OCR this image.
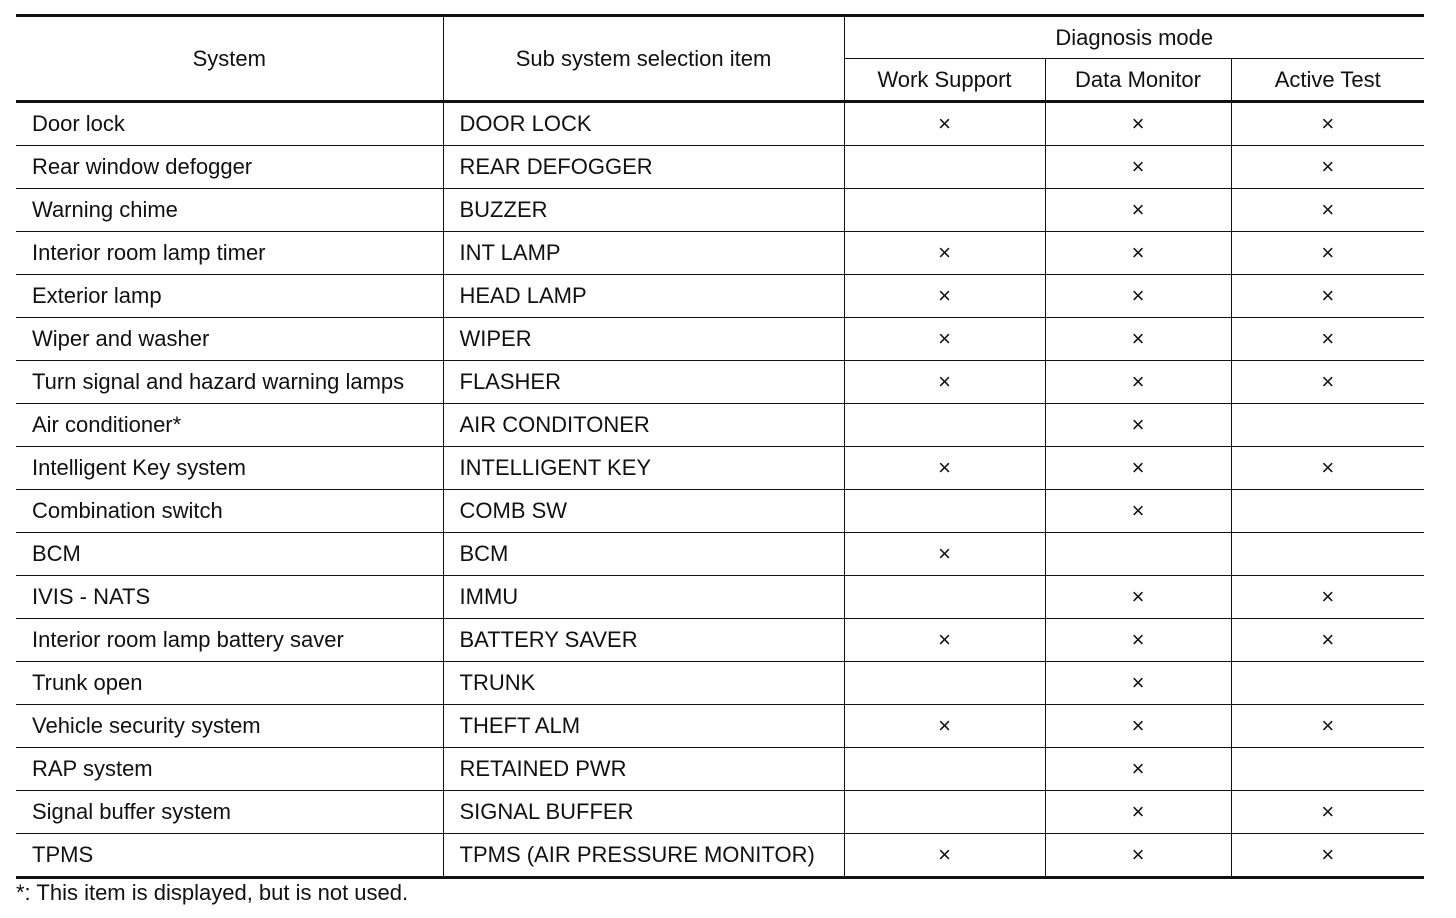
System	Sub system selection item	Diagnosis mode		
		Work Support	Data Monitor	Active Test
Door lock	DOOR LOCK	×	×	×
Rear window defogger	REAR DEFOGGER		×	×
Warning chime	BUZZER		×	×
Interior room lamp timer	INT LAMP	×	×	×
Exterior lamp	HEAD LAMP	×	×	×
Wiper and washer	WIPER	×	×	×
Turn signal and hazard warning lamps	FLASHER	×	×	×
Air conditioner*	AIR CONDITONER		×	
Intelligent Key system	INTELLIGENT KEY	×	×	×
Combination switch	COMB SW		×	
BCM	BCM	×		
IVIS - NATS	IMMU		×	×
Interior room lamp battery saver	BATTERY SAVER	×	×	×
Trunk open	TRUNK		×	
Vehicle security system	THEFT ALM	×	×	×
RAP system	RETAINED PWR		×	
Signal buffer system	SIGNAL BUFFER		×	×
TPMS	TPMS (AIR PRESSURE MONITOR)	×	×	×
*: This item is displayed, but is not used.
